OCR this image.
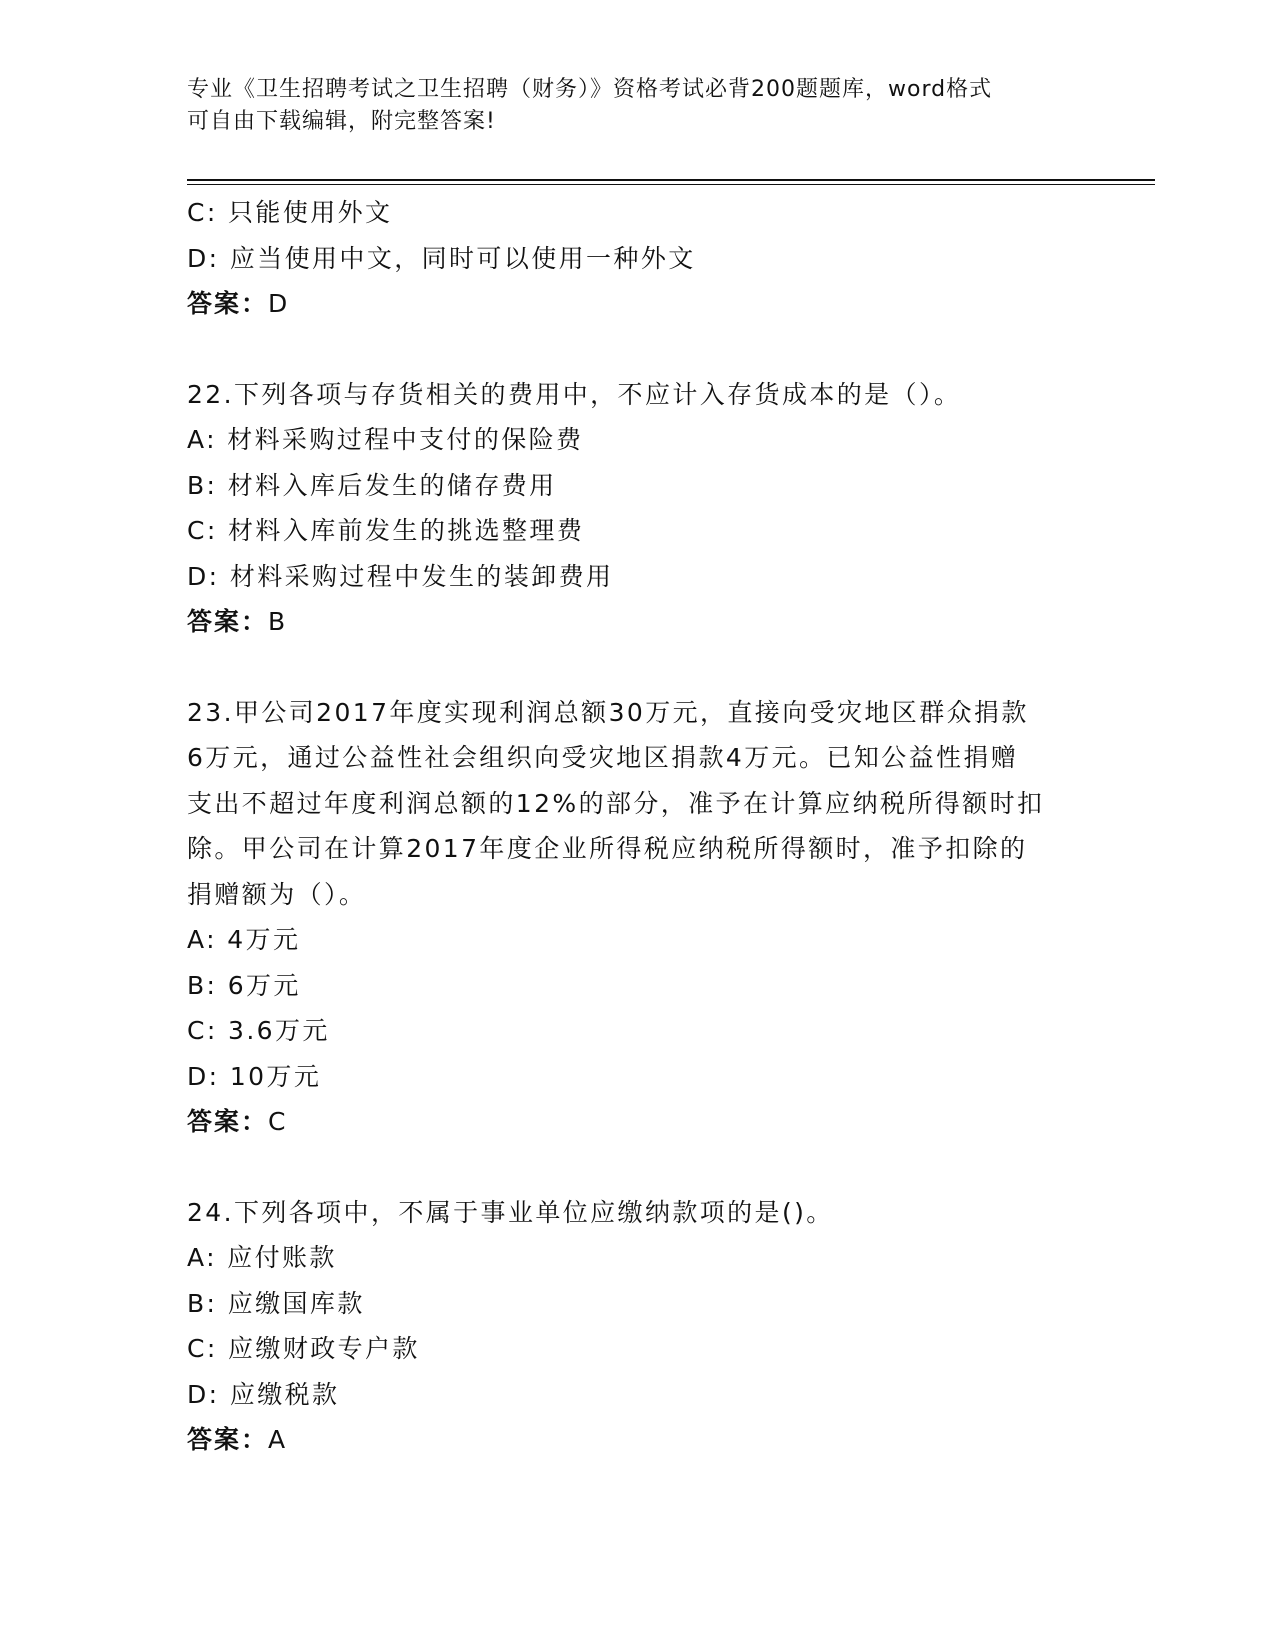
专业《卫生招聘考试之卫生招聘（财务）》资格考试必背200题题库，word格式
可自由下载编辑，附完整答案!
C: 只能使用外文
D: 应当使用中文，同时可以使用一种外文
答案：D
22.下列各项与存货相关的费用中，不应计入存货成本的是（）。
A: 材料采购过程中支付的保险费
B: 材料入库后发生的储存费用
C: 材料入库前发生的挑选整理费
D: 材料采购过程中发生的装卸费用
答案：B
23.甲公司2017年度实现利润总额30万元，直接向受灾地区群众捐款
6万元，通过公益性社会组织向受灾地区捐款4万元。已知公益性捐赠
支出不超过年度利润总额的12%的部分，准予在计算应纳税所得额时扣
除。甲公司在计算2017年度企业所得税应纳税所得额时，准予扣除的
捐赠额为（）。
A: 4万元
B: 6万元
C: 3.6万元
D: 10万元
答案：C
24.下列各项中，不属于事业单位应缴纳款项的是()。
A: 应付账款
B: 应缴国库款
C: 应缴财政专户款
D: 应缴税款
答案：A
